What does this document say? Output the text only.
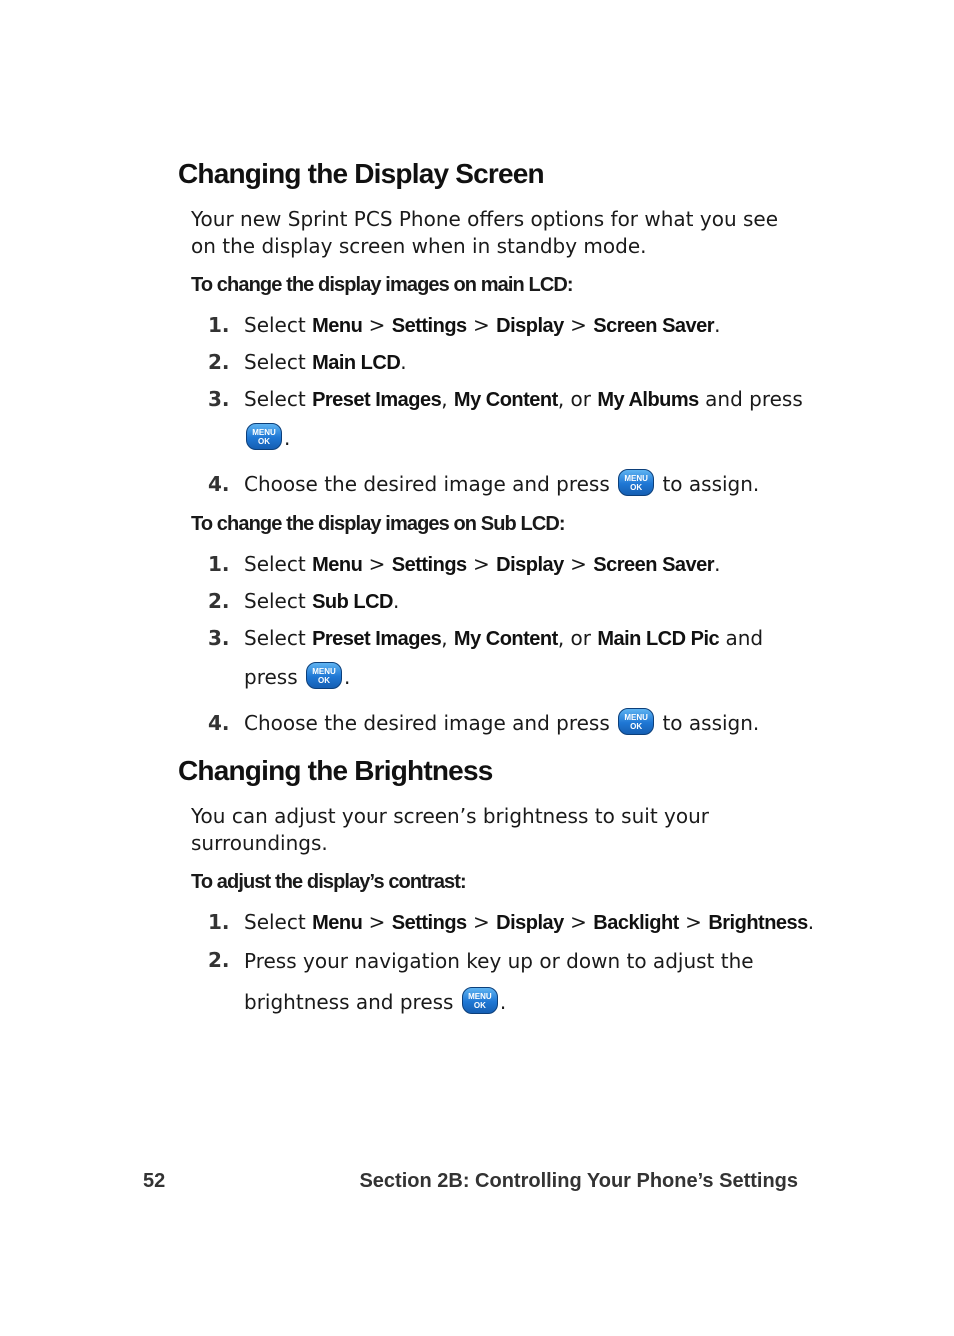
Changing the Display Screen

Your new Sprint PCS Phone offers options for what you see on the display screen when in standby mode.

To change the display images on main LCD:

1. Select Menu > Settings > Display > Screen Saver.
2. Select Main LCD.
3. Select Preset Images, My Content, or My Albums and press
MENU
OK .
4. Choose the desired image and press	MENU
OK to assign.

To change the display images on Sub LCD:

1. Select Menu > Settings > Display > Screen Saver.
2. Select Sub LCD.
3. Select Preset Images, My Content, or Main LCD Pic and press	MENU
OK .
4. Choose the desired image and press	MENU
OK to assign.
Changing the Brightness

You can adjust your screen’s brightness to suit your surroundings.

To adjust the display’s contrast:

1. Select Menu > Settings > Display > Backlight > Brightness.
2. Press your navigation key up or down to adjust the brightness and press	MENU
OK .

52	Section 2B: Controlling Your Phone’s Settings
